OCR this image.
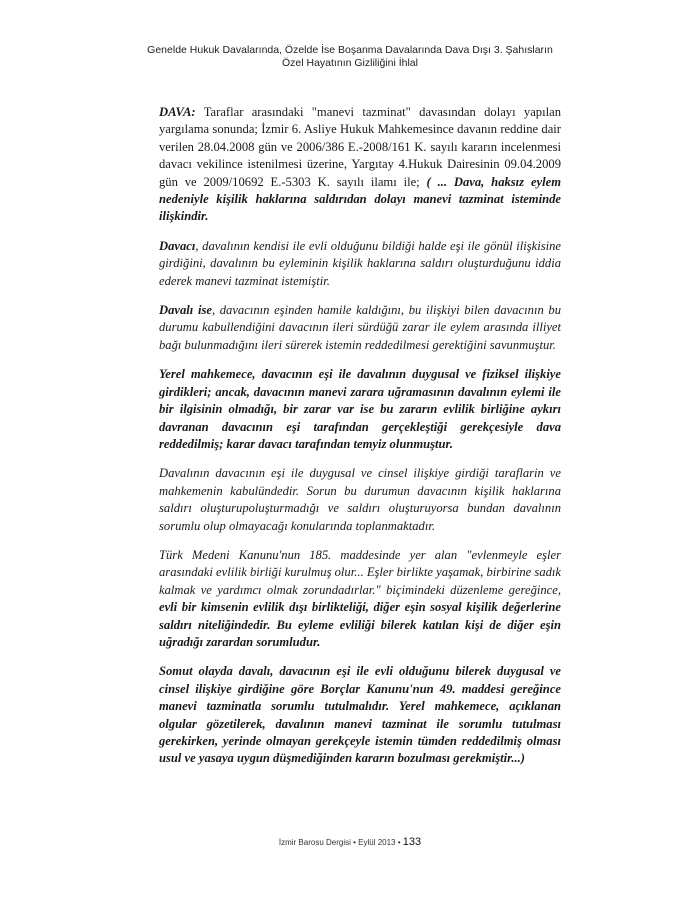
Genelde Hukuk Davalarında, Özelde İse Boşanma Davalarında Dava Dışı 3. Şahısların
Özel Hayatının Gizliliğini İhlal

DAVA: Taraflar arasındaki "manevi tazminat" davasından dolayı yapılan yargılama sonunda; İzmir 6. Asliye Hukuk Mahkemesince davanın reddine dair verilen 28.04.2008 gün ve 2006/386 E.-2008/161 K. sayılı kararın incelenmesi davacı vekilince istenilmesi üzerine, Yargıtay 4.Hukuk Dairesinin 09.04.2009 gün ve 2009/10692 E.-5303 K. sayılı ilamı ile; ( ... Dava, haksız eylem nedeniyle kişilik haklarına saldırıdan dolayı manevi tazminat isteminde ilişkindir.

Davacı, davalının kendisi ile evli olduğunu bildiği halde eşi ile gönül ilişkisine girdiğini, davalının bu eyleminin kişilik haklarına saldırı oluşturduğunu iddia ederek manevi tazminat istemiştir.

Davalı ise, davacının eşinden hamile kaldığını, bu ilişkiyi bilen davacının bu durumu kabullendiğini davacının ileri sürdüğü zarar ile eylem arasında illiyet bağı bulunmadığını ileri sürerek istemin reddedilmesi gerektiğini savunmuştur.

Yerel mahkemece, davacının eşi ile davalının duygusal ve fiziksel ilişkiye girdikleri; ancak, davacının manevi zarara uğramasının davalının eylemi ile bir ilgisinin olmadığı, bir zarar var ise bu zararın evlilik birliğine aykırı davranan davacının eşi tarafından gerçekleştiği gerekçesiyle dava reddedilmiş; karar davacı tarafından temyiz olunmuştur.

Davalının davacının eşi ile duygusal ve cinsel ilişkiye girdiği taraflarin ve mahkemenin kabulündedir. Sorun bu durumun davacının kişilik haklarına saldırı oluşturupoluşturmadığı ve saldırı oluşturuyorsa bundan davalının sorumlu olup olmayacağı konularında toplanmaktadır.

Türk Medeni Kanunu'nun 185. maddesinde yer alan "evlenmeyle eşler arasındaki evlilik birliği kurulmuş olur... Eşler birlikte yaşamak, birbirine sadık kalmak ve yardımcı olmak zorundadırlar." biçimindeki düzenleme gereğince, evli bir kimsenin evlilik dışı birlikteliği, diğer eşin sosyal kişilik değerlerine saldırı niteliğindedir. Bu eyleme evliliği bilerek katılan kişi de diğer eşin uğradığı zarardan sorumludur.

Somut olayda davalı, davacının eşi ile evli olduğunu bilerek duygusal ve cinsel ilişkiye girdiğine göre Borçlar Kanunu'nun 49. maddesi gereğince manevi tazminatla sorumlu tutulmalıdır. Yerel mahkemece, açıklanan olgular gözetilerek, davalının manevi tazminat ile sorumlu tutulması gerekirken, yerinde olmayan gerekçeyle istemin tümden reddedilmiş olması usul ve yasaya uygun düşmediğinden kararın bozulması gerekmiştir...)

İzmir Barosu Dergisi • Eylül 2013 • 133
